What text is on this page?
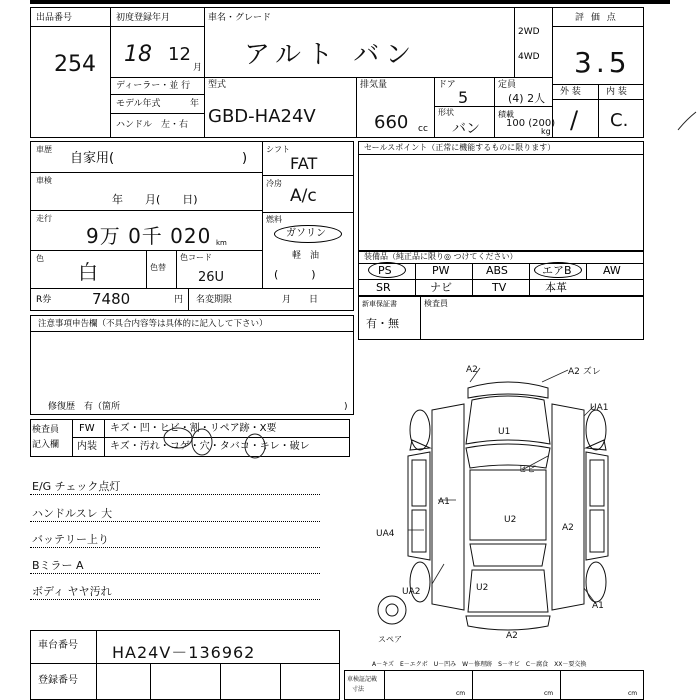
出品番号
254
初度登録年月
18 12
月
ディーラー・並 行
モデル年式	年
ハンドル　左・右
車名・グレード
アルト バン
2WD
4WD
型式
GBD-HA24V
排気量
660 cc
ドア
5
形状
バン
定員
(4) 2人
積載
100 (200)
kg
評 価 点
3.5
外 装	内 装
/ C.
車歴
自家用(	)
車検
年　　月(　　日)
走行
9万 0千 020 km
色
白	色替
色コード
26U
R券	7480	円 名変期限	月　　日
シフト
FAT
冷房
A/c
燃料
ガソリン
軽　油
(　　　)
セールスポイント（正常に機能するものに限ります）
装備品（純正品に限り◎ つけてください）
PS	PW	ABS	エアB	AW
SR	ナビ	TV	本革
新車保証書
有・無
検査員
注意事項申告欄（不具合内容等は具体的に記入して下さい）
修復歴　有（箇所	)
検査員
記入欄
FW キズ・凹・ヒビ・割・リペア跡・X要
内装 キズ・汚れ・コゲ・穴・タバコ・キレ・破レ
E/G チェック点灯
ハンドルスレ 大
バッテリー上り
Bミラー A
ボディ ヤヤ汚れ
A2	A2 ズレ
UA1
U1
ヒビ
A1
U2
A2
UA4
UA2	U2
A1
A2
スペア
A－キズ　E－エクボ　U－凹み　W－修理跡　S－サビ　C－腐食　XX－要交換
車台番号 HA24V－136962
登録番号	車検証記載
寸法
cm	cm	cm
